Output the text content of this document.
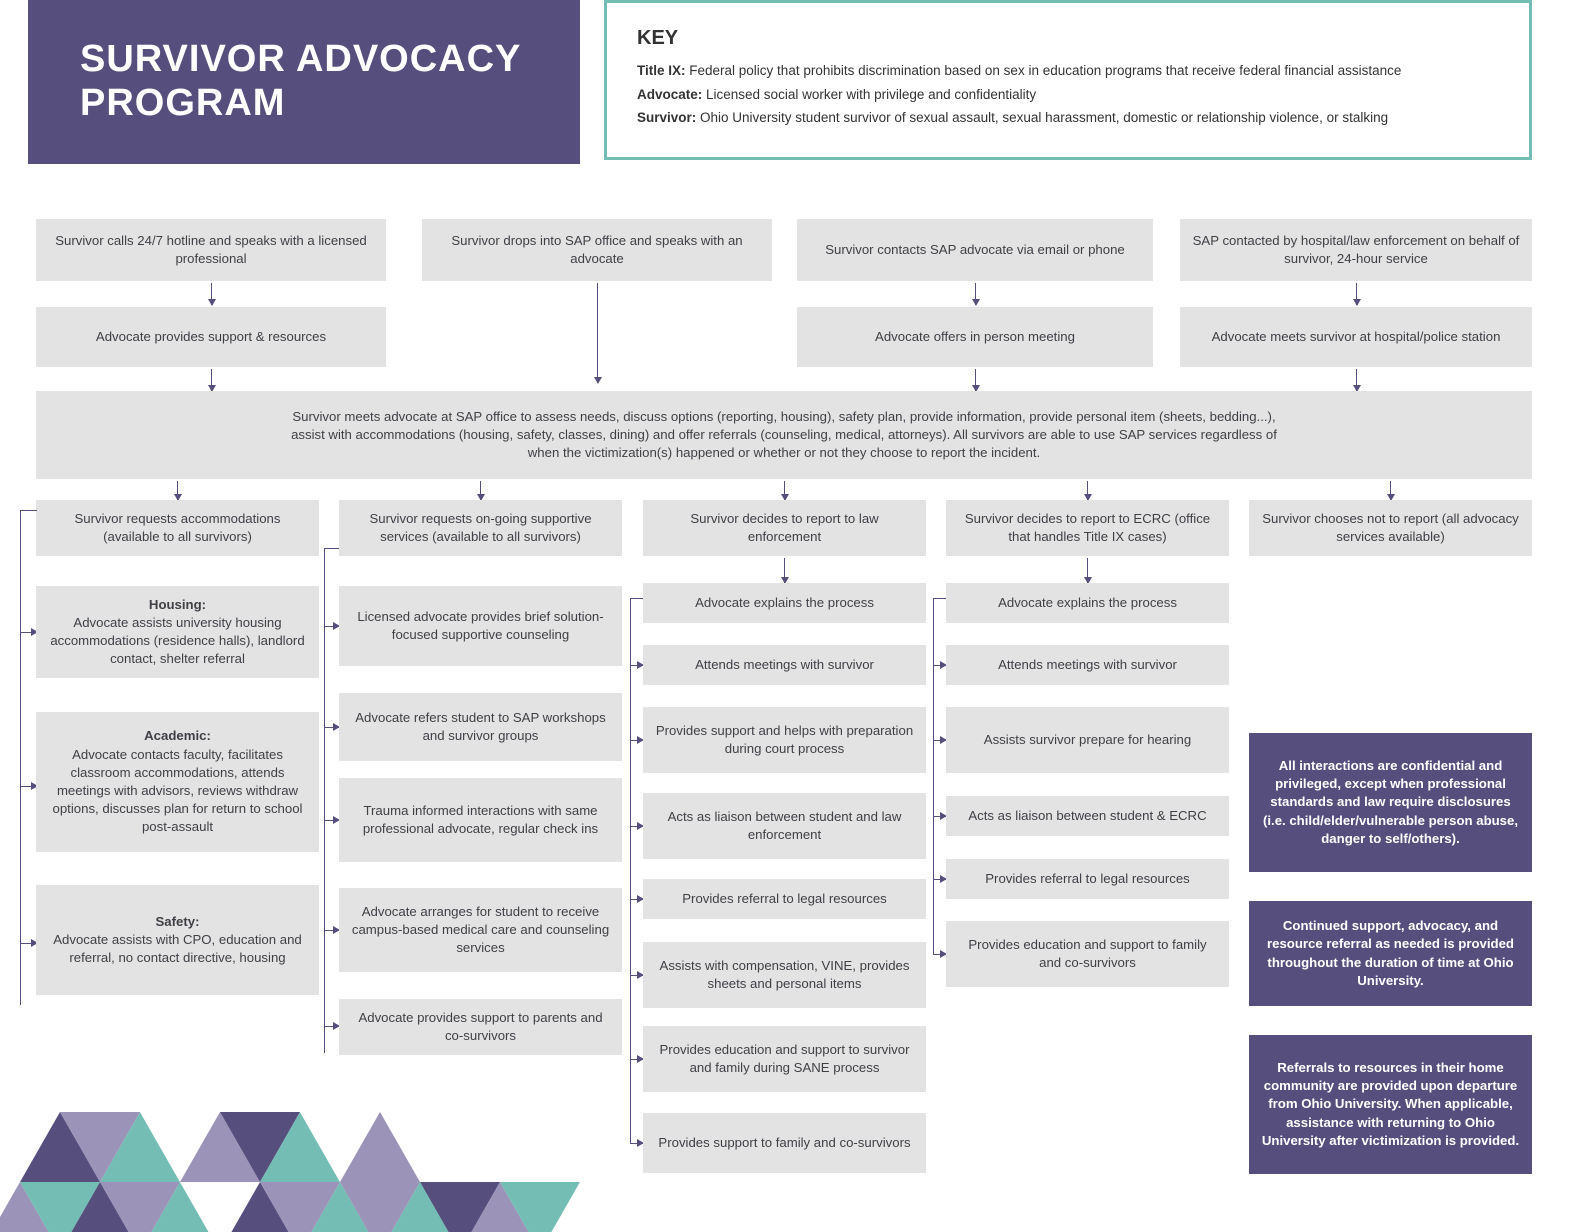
SURVIVOR ADVOCACY PROGRAM
KEY
Title IX: Federal policy that prohibits discrimination based on sex in education programs that receive federal financial assistance
Advocate: Licensed social worker with privilege and confidentiality
Survivor: Ohio University student survivor of sexual assault, sexual harassment, domestic or relationship violence, or stalking
Survivor calls 24/7 hotline and speaks with a licensed professional
Survivor drops into SAP office and speaks with an advocate
Survivor contacts SAP advocate via email or phone
SAP contacted by hospital/law enforcement on behalf of survivor, 24-hour service
Advocate provides support & resources	Advocate offers in person meeting	Advocate meets survivor at hospital/police station
Survivor meets advocate at SAP office to assess needs, discuss options (reporting, housing), safety plan, provide information, provide personal item (sheets, bedding...), assist with accommodations (housing, safety, classes, dining) and offer referrals (counseling, medical, attorneys). All survivors are able to use SAP services regardless of when the victimization(s) happened or whether or not they choose to report the incident.
Survivor requests accommodations (available to all survivors)
Survivor requests on-going supportive services (available to all survivors)
Survivor decides to report to law enforcement
Survivor decides to report to ECRC (office that handles Title IX cases)
Survivor chooses not to report (all advocacy services available)
Housing:
Advocate assists university housing accommodations (residence halls), landlord contact, shelter referral
Academic:
Advocate contacts faculty, facilitates classroom accommodations, attends meetings with advisors, reviews withdraw options, discusses plan for return to school post-assault
Safety:
Advocate assists with CPO, education and referral, no contact directive, housing
Licensed advocate provides brief solution-focused supportive counseling
Advocate refers student to SAP workshops and survivor groups
Trauma informed interactions with same professional advocate, regular check ins
Advocate arranges for student to receive campus-based medical care and counseling services
Advocate provides support to parents and co-survivors
Advocate explains the process
Attends meetings with survivor
Provides support and helps with preparation during court process
Acts as liaison between student and law enforcement
Provides referral to legal resources
Assists with compensation, VINE, provides sheets and personal items
Provides education and support to survivor and family during SANE process
Provides support to family and co-survivors
Advocate explains the process
Attends meetings with survivor
Assists survivor prepare for hearing
Acts as liaison between student & ECRC
Provides referral to legal resources
Provides education and support to family and co-survivors
All interactions are confidential and privileged, except when professional standards and law require disclosures (i.e. child/elder/vulnerable person abuse, danger to self/others).
Continued support, advocacy, and resource referral as needed is provided throughout the duration of time at Ohio University.
Referrals to resources in their home community are provided upon departure from Ohio University. When applicable, assistance with returning to Ohio University after victimization is provided.
